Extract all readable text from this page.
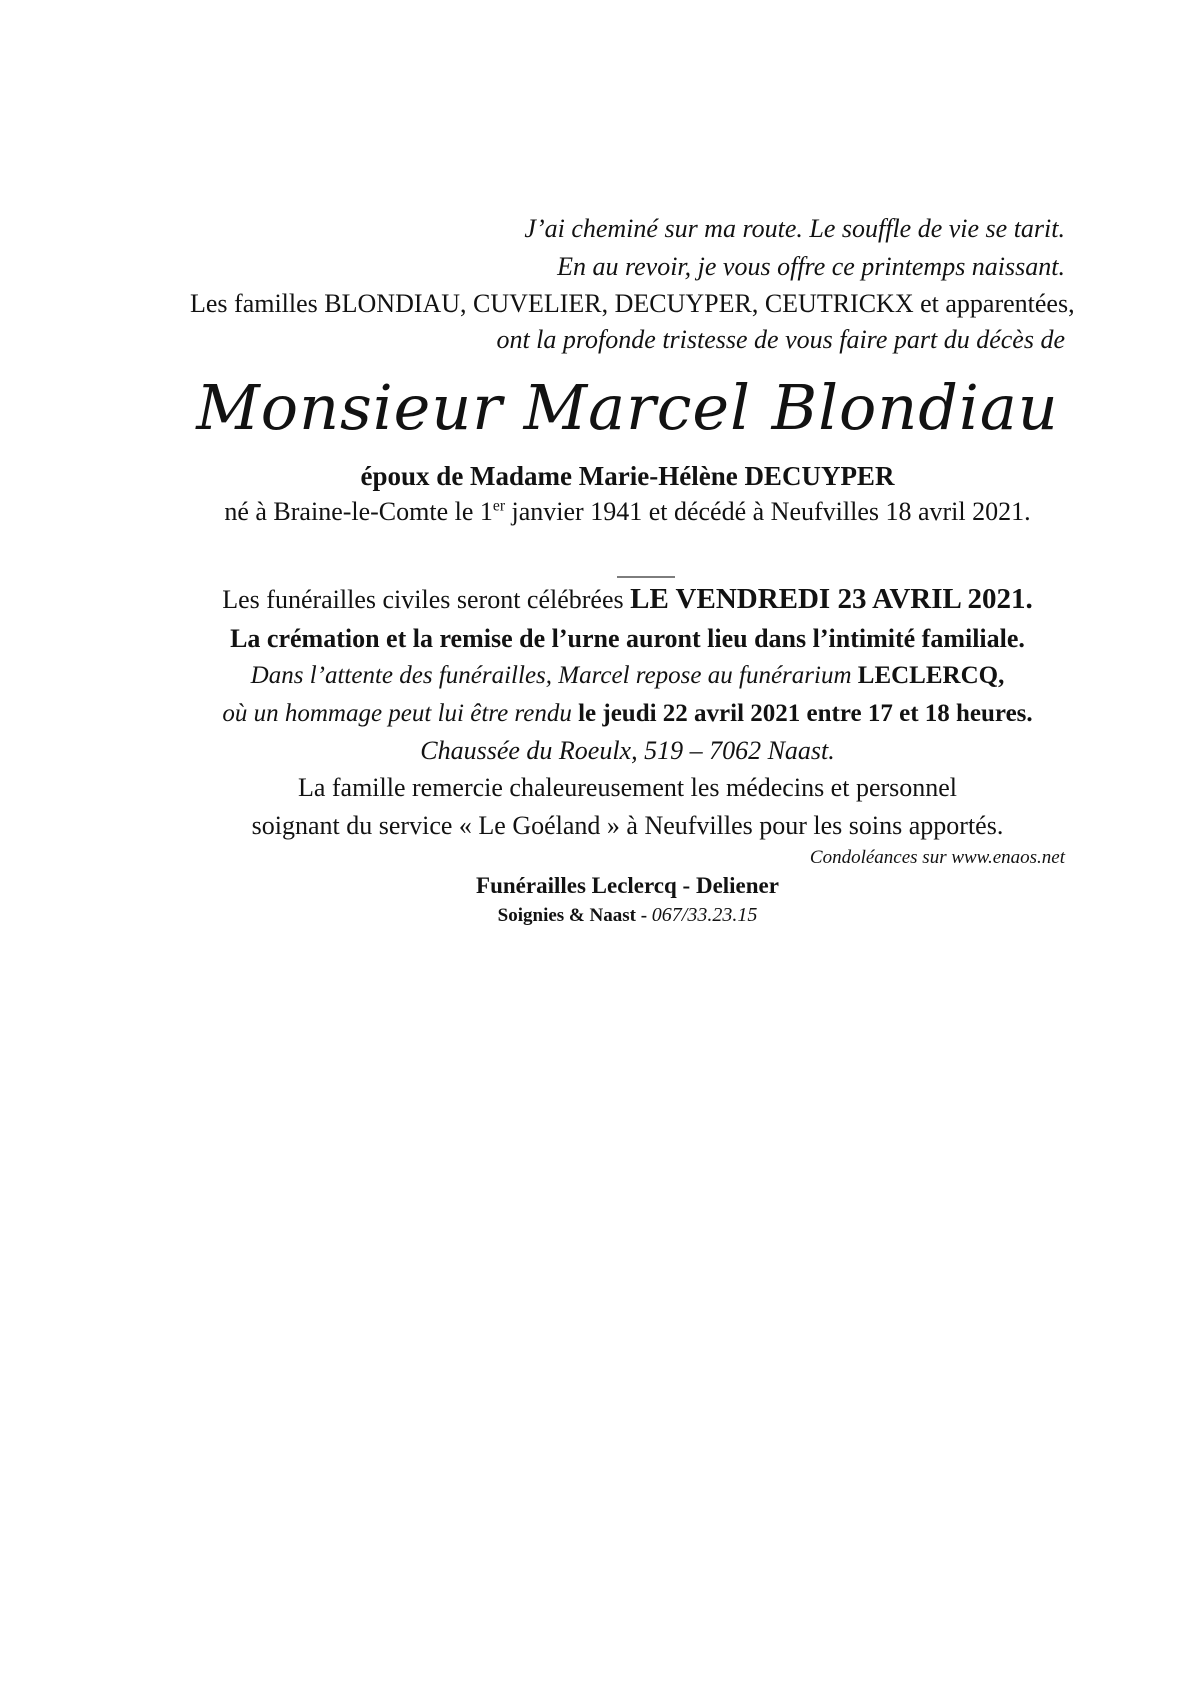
J’ai cheminé sur ma route. Le souffle de vie se tarit.
En au revoir, je vous offre ce printemps naissant.

Les familles BLONDIAU, CUVELIER, DECUYPER, CEUTRICKX et apparentées,

ont la profonde tristesse de vous faire part du décès de

Monsieur Marcel Blondiau

époux de Madame Marie-Hélène DECUYPER

né à Braine-le-Comte le 1er janvier 1941 et décédé à Neufvilles 18 avril 2021.

Les funérailles civiles seront célébrées LE VENDREDI 23 AVRIL 2021.

La crémation et la remise de l’urne auront lieu dans l’intimité familiale.

Dans l’attente des funérailles, Marcel repose au funérarium LECLERCQ,
où un hommage peut lui être rendu le jeudi 22 avril 2021 entre 17 et 18 heures.

Chaussée du Roeulx, 519 – 7062 Naast.

La famille remercie chaleureusement les médecins et personnel
soignant du service « Le Goéland » à Neufvilles pour les soins apportés.

Condoléances sur www.enaos.net

Funérailles Leclercq - Deliener

Soignies & Naast - 067/33.23.15
